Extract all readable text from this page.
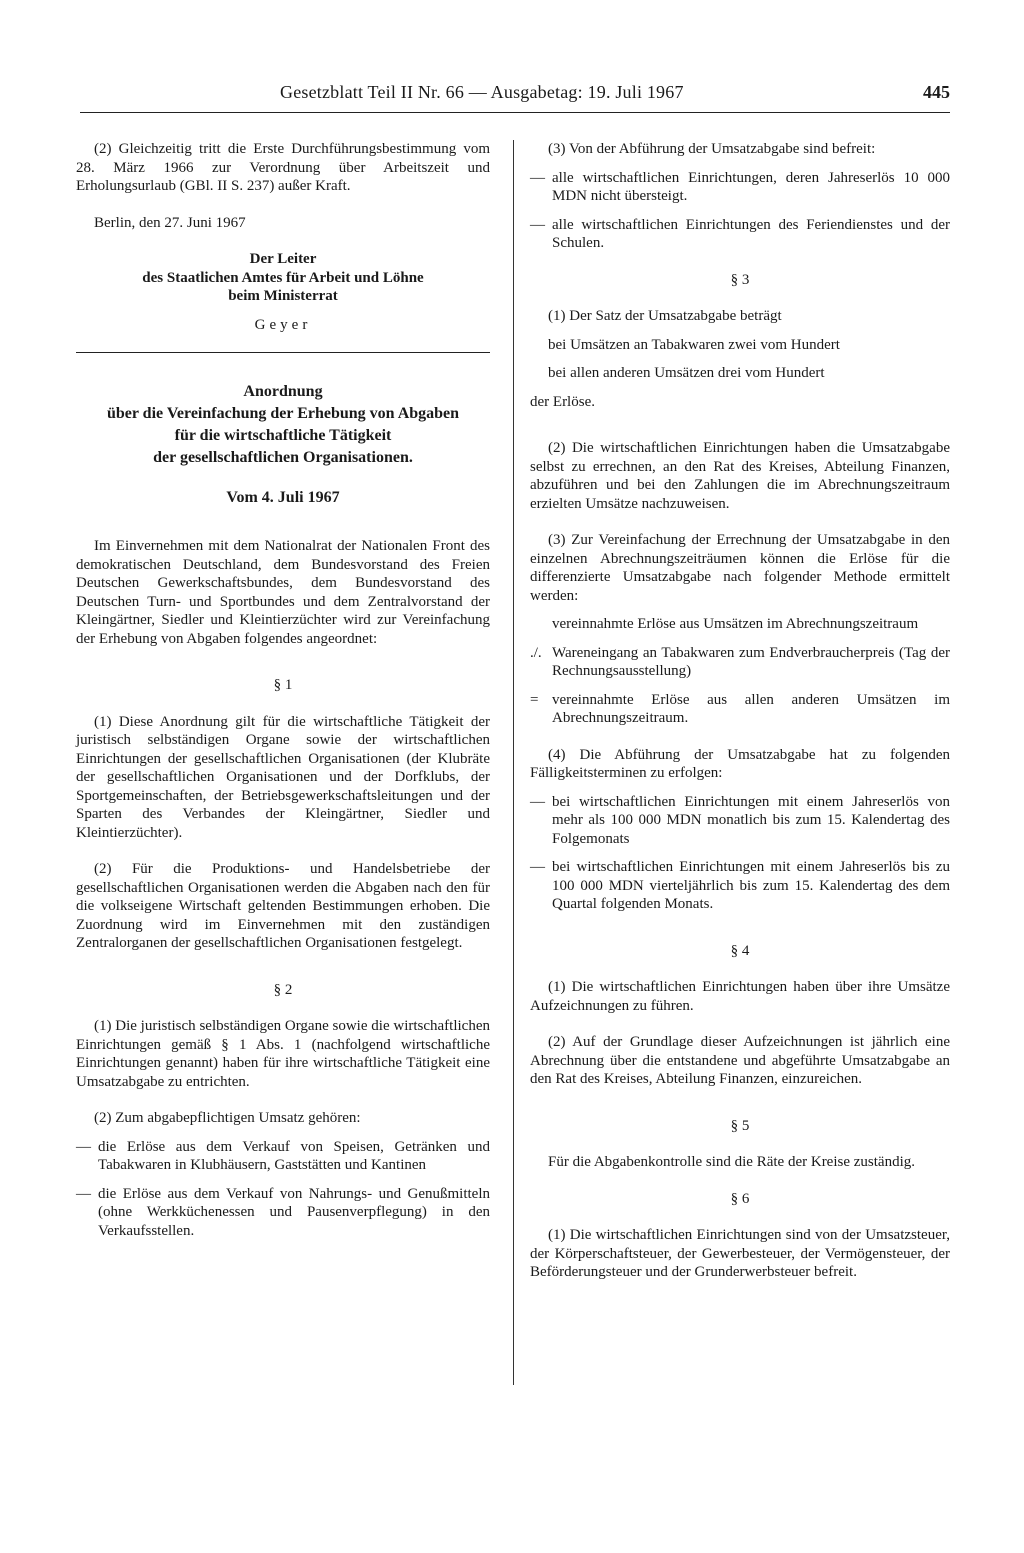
Gesetzblatt Teil II Nr. 66 — Ausgabetag: 19. Juli 1967	445

(2) Gleichzeitig tritt die Erste Durchführungsbestimmung vom 28. März 1966 zur Verordnung über Arbeitszeit und Erholungsurlaub (GBl. II S. 237) außer Kraft.

Berlin, den 27. Juni 1967

Der Leiter
des Staatlichen Amtes für Arbeit und Löhne
beim Ministerrat

Geyer

Anordnung
über die Vereinfachung der Erhebung von Abgaben
für die wirtschaftliche Tätigkeit
der gesellschaftlichen Organisationen.
Vom 4. Juli 1967

Im Einvernehmen mit dem Nationalrat der Nationalen Front des demokratischen Deutschland, dem Bundesvorstand des Freien Deutschen Gewerkschaftsbundes, dem Bundesvorstand des Deutschen Turn- und Sportbundes und dem Zentralvorstand der Kleingärtner, Siedler und Kleintierzüchter wird zur Vereinfachung der Erhebung von Abgaben folgendes angeordnet:

§ 1

(1) Diese Anordnung gilt für die wirtschaftliche Tätigkeit der juristisch selbständigen Organe sowie der wirtschaftlichen Einrichtungen der gesellschaftlichen Organisationen (der Klubräte der gesellschaftlichen Organisationen und der Dorfklubs, der Sportgemeinschaften, der Betriebsgewerkschaftsleitungen und der Sparten des Verbandes der Kleingärtner, Siedler und Kleintierzüchter).

(2) Für die Produktions- und Handelsbetriebe der gesellschaftlichen Organisationen werden die Abgaben nach den für die volkseigene Wirtschaft geltenden Bestimmungen erhoben. Die Zuordnung wird im Einvernehmen mit den zuständigen Zentralorganen der gesellschaftlichen Organisationen festgelegt.

§ 2

(1) Die juristisch selbständigen Organe sowie die wirtschaftlichen Einrichtungen gemäß § 1 Abs. 1 (nachfolgend wirtschaftliche Einrichtungen genannt) haben für ihre wirtschaftliche Tätigkeit eine Umsatzabgabe zu entrichten.

(2) Zum abgabepflichtigen Umsatz gehören:

— die Erlöse aus dem Verkauf von Speisen, Getränken und Tabakwaren in Klubhäusern, Gaststätten und Kantinen
— die Erlöse aus dem Verkauf von Nahrungs- und Genußmitteln (ohne Werkküchenessen und Pausenverpflegung) in den Verkaufsstellen.

(3) Von der Abführung der Umsatzabgabe sind befreit:

— alle wirtschaftlichen Einrichtungen, deren Jahreserlös 10 000 MDN nicht übersteigt.
— alle wirtschaftlichen Einrichtungen des Feriendienstes und der Schulen.

§ 3

(1) Der Satz der Umsatzabgabe beträgt

bei Umsätzen an Tabakwaren zwei vom Hundert

bei allen anderen Umsätzen drei vom Hundert

der Erlöse.

(2) Die wirtschaftlichen Einrichtungen haben die Umsatzabgabe selbst zu errechnen, an den Rat des Kreises, Abteilung Finanzen, abzuführen und bei den Zahlungen die im Abrechnungszeitraum erzielten Umsätze nachzuweisen.

(3) Zur Vereinfachung der Errechnung der Umsatzabgabe in den einzelnen Abrechnungszeiträumen können die Erlöse für die differenzierte Umsatzabgabe nach folgender Methode ermittelt werden:

vereinnahmte Erlöse aus Umsätzen im Abrechnungszeitraum
./. Wareneingang an Tabakwaren zum Endverbraucherpreis (Tag der Rechnungsausstellung)
= vereinnahmte Erlöse aus allen anderen Umsätzen im Abrechnungszeitraum.

(4) Die Abführung der Umsatzabgabe hat zu folgenden Fälligkeitsterminen zu erfolgen:

— bei wirtschaftlichen Einrichtungen mit einem Jahreserlös von mehr als 100 000 MDN monatlich bis zum 15. Kalendertag des Folgemonats
— bei wirtschaftlichen Einrichtungen mit einem Jahreserlös bis zu 100 000 MDN vierteljährlich bis zum 15. Kalendertag des dem Quartal folgenden Monats.

§ 4

(1) Die wirtschaftlichen Einrichtungen haben über ihre Umsätze Aufzeichnungen zu führen.

(2) Auf der Grundlage dieser Aufzeichnungen ist jährlich eine Abrechnung über die entstandene und abgeführte Umsatzabgabe an den Rat des Kreises, Abteilung Finanzen, einzureichen.

§ 5

Für die Abgabenkontrolle sind die Räte der Kreise zuständig.

§ 6

(1) Die wirtschaftlichen Einrichtungen sind von der Umsatzsteuer, der Körperschaftsteuer, der Gewerbesteuer, der Vermögensteuer, der Beförderungsteuer und der Grunderwerbsteuer befreit.
